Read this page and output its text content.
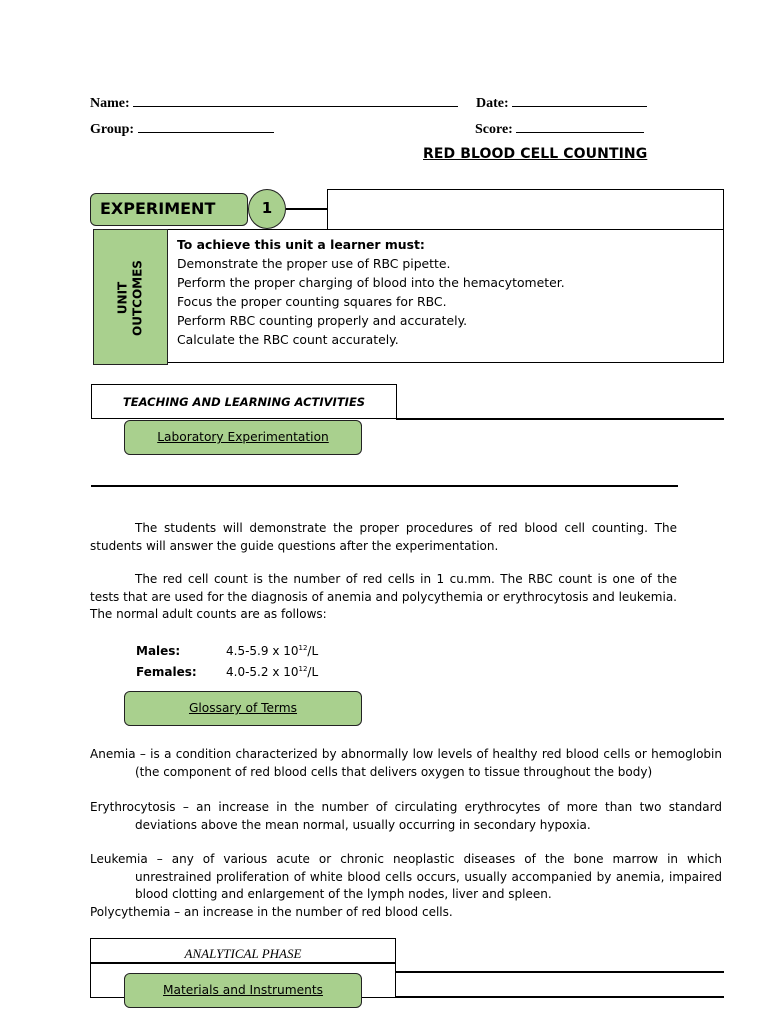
Name:	Date:
Group:	Score:
RED BLOOD CELL COUNTING
EXPERIMENT	1
UNIT OUTCOMES
To achieve this unit a learner must:
Demonstrate the proper use of RBC pipette.
Perform the proper charging of blood into the hemacytometer.
Focus the proper counting squares for RBC.
Perform RBC counting properly and accurately.
Calculate the RBC count accurately.
TEACHING AND LEARNING ACTIVITIES
Laboratory Experimentation
The students will demonstrate the proper procedures of red blood cell counting. The students will answer the guide questions after the experimentation.
The red cell count is the number of red cells in 1 cu.mm. The RBC count is one of the tests that are used for the diagnosis of anemia and polycythemia or erythrocytosis and leukemia. The normal adult counts are as follows:
Males:	4.5-5.9 x $10^{12}/L$
Females: 4.0-5.2 x $10^{12}/L$
Glossary of Terms
Anemia – is a condition characterized by abnormally low levels of healthy red blood cells or hemoglobin (the component of red blood cells that delivers oxygen to tissue throughout the body)
Erythrocytosis – an increase in the number of circulating erythrocytes of more than two standard deviations above the mean normal, usually occurring in secondary hypoxia.
Leukemia – any of various acute or chronic neoplastic diseases of the bone marrow in which unrestrained proliferation of white blood cells occurs, usually accompanied by anemia, impaired blood clotting and enlargement of the lymph nodes, liver and spleen.
Polycythemia – an increase in the number of red blood cells.
ANALYTICAL PHASE
Materials and Instruments
